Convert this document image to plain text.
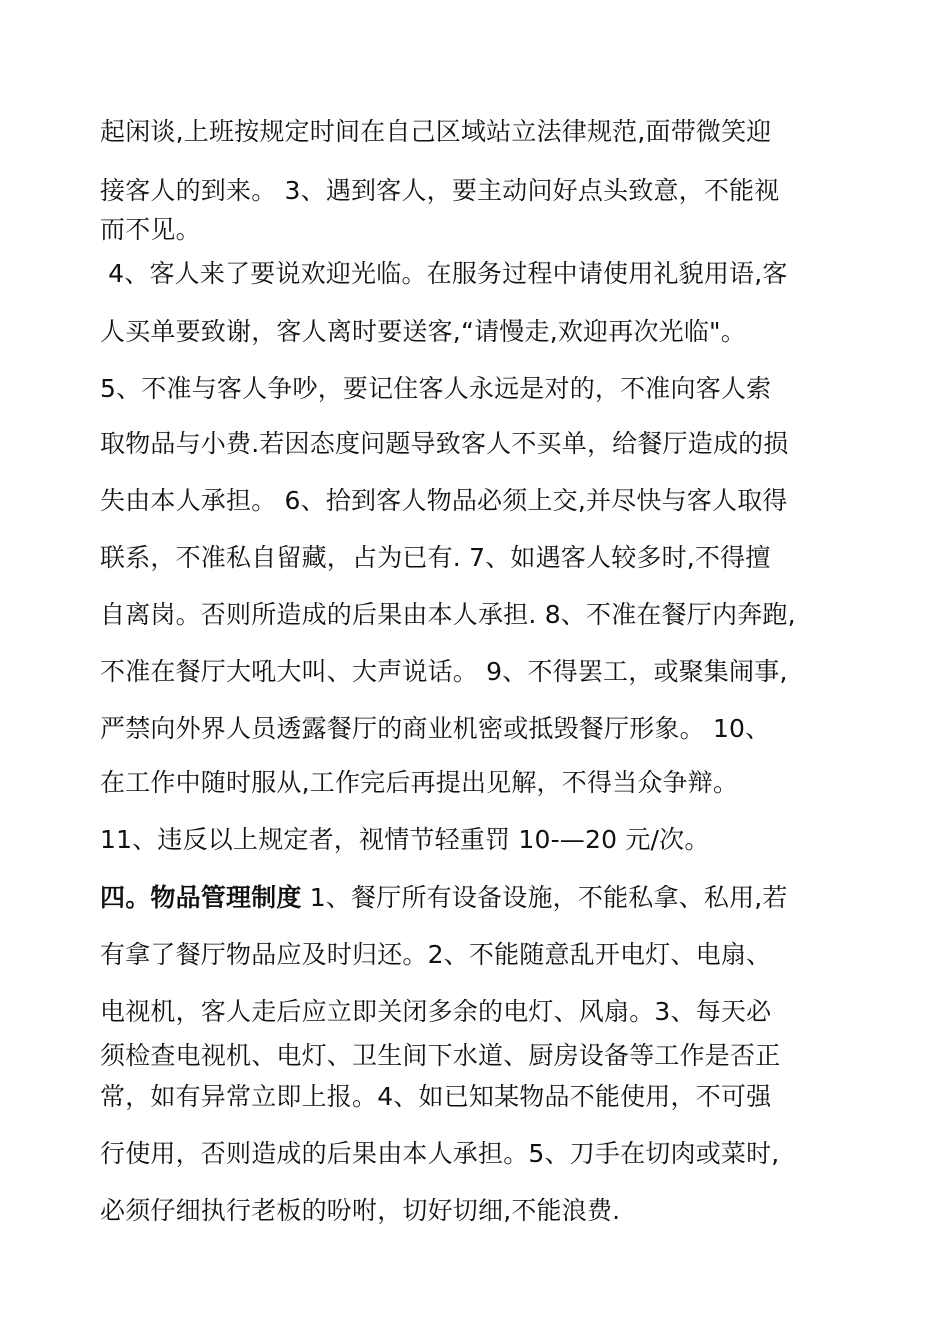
起闲谈,上班按规定时间在自己区域站立法律规范,面带微笑迎
接客人的到来。 3、遇到客人，要主动问好点头致意，不能视
而不见。
4、客人来了要说欢迎光临。在服务过程中请使用礼貌用语,客
人买单要致谢，客人离时要送客,“请慢走,欢迎再次光临"。
5、不准与客人争吵，要记住客人永远是对的，不准向客人索
取物品与小费.若因态度问题导致客人不买单，给餐厅造成的损
失由本人承担。 6、拾到客人物品必须上交,并尽快与客人取得
联系，不准私自留藏，占为已有. 7、如遇客人较多时,不得擅
自离岗。否则所造成的后果由本人承担. 8、不准在餐厅内奔跑,
不准在餐厅大吼大叫、大声说话。 9、不得罢工，或聚集闹事,
严禁向外界人员透露餐厅的商业机密或抵毁餐厅形象。 10、
在工作中随时服从,工作完后再提出见解，不得当众争辩。
11、违反以上规定者，视情节轻重罚 10-—20 元/次。
四。物品管理制度 1、餐厅所有设备设施，不能私拿、私用,若
有拿了餐厅物品应及时归还。2、不能随意乱开电灯、电扇、
电视机，客人走后应立即关闭多余的电灯、风扇。3、每天必
须检查电视机、电灯、卫生间下水道、厨房设备等工作是否正
常，如有异常立即上报。4、如已知某物品不能使用，不可强
行使用，否则造成的后果由本人承担。5、刀手在切肉或菜时,
必须仔细执行老板的吩咐，切好切细,不能浪费.
